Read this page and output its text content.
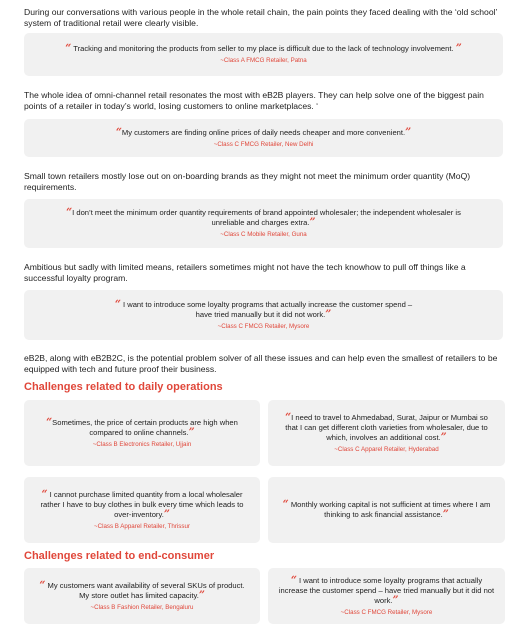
During our conversations with various people in the whole retail chain, the pain points they faced dealing with the ‘old school’ system of traditional retail were clearly visible.

“ Tracking and monitoring the products from seller to my place is difficult due to the lack of technology involvement. ”
~Class A FMCG Retailer, Patna

The whole idea of omni-channel retail resonates the most with eB2B players. They can help solve one of the biggest pain points of a retailer in today’s world, losing customers to online marketplaces. ‘

“My customers are finding online prices of daily needs cheaper and more convenient.”
~Class C FMCG Retailer, New Delhi

Small town retailers mostly lose out on on-boarding brands as they might not meet the minimum order quantity (MoQ) requirements.

“I don’t meet the minimum order quantity requirements of brand appointed wholesaler; the independent wholesaler is unreliable and charges extra.”
~Class C Mobile Retailer, Guna

Ambitious but sadly with limited means, retailers sometimes might not have the tech knowhow to pull off things like a successful loyalty program.

“ I want to introduce some loyalty programs that actually increase the customer spend – have tried manually but it did not work.”
~Class C FMCG Retailer, Mysore

eB2B, along with eB2B2C, is the potential problem solver of all these issues and can help even the smallest of retailers to be equipped with tech and future proof their business.

Challenges related to daily operations
“Sometimes, the price of certain products are high when compared to online channels.”
~Class B Electronics Retailer, Ujjain
“I need to travel to Ahmedabad, Surat, Jaipur or Mumbai so that I can get different cloth varieties from wholesaler, due to which, involves an additional cost.”
~Class C Apparel Retailer, Hyderabad
“ I cannot purchase limited quantity from a local wholesaler rather I have to buy clothes in bulk every time which leads to over-inventory.”
~Class B Apparel Retailer, Thrissur
“ Monthly working capital is not sufficient at times where I am thinking to ask financial assistance.”
Challenges related to end-consumer
“ My customers want availability of several SKUs of product. My store outlet has limited capacity.”
~Class B Fashion Retailer, Bengaluru
“ I want to introduce some loyalty programs that actually increase the customer spend – have tried manually but it did not work.”
~Class C FMCG Retailer, Mysore
